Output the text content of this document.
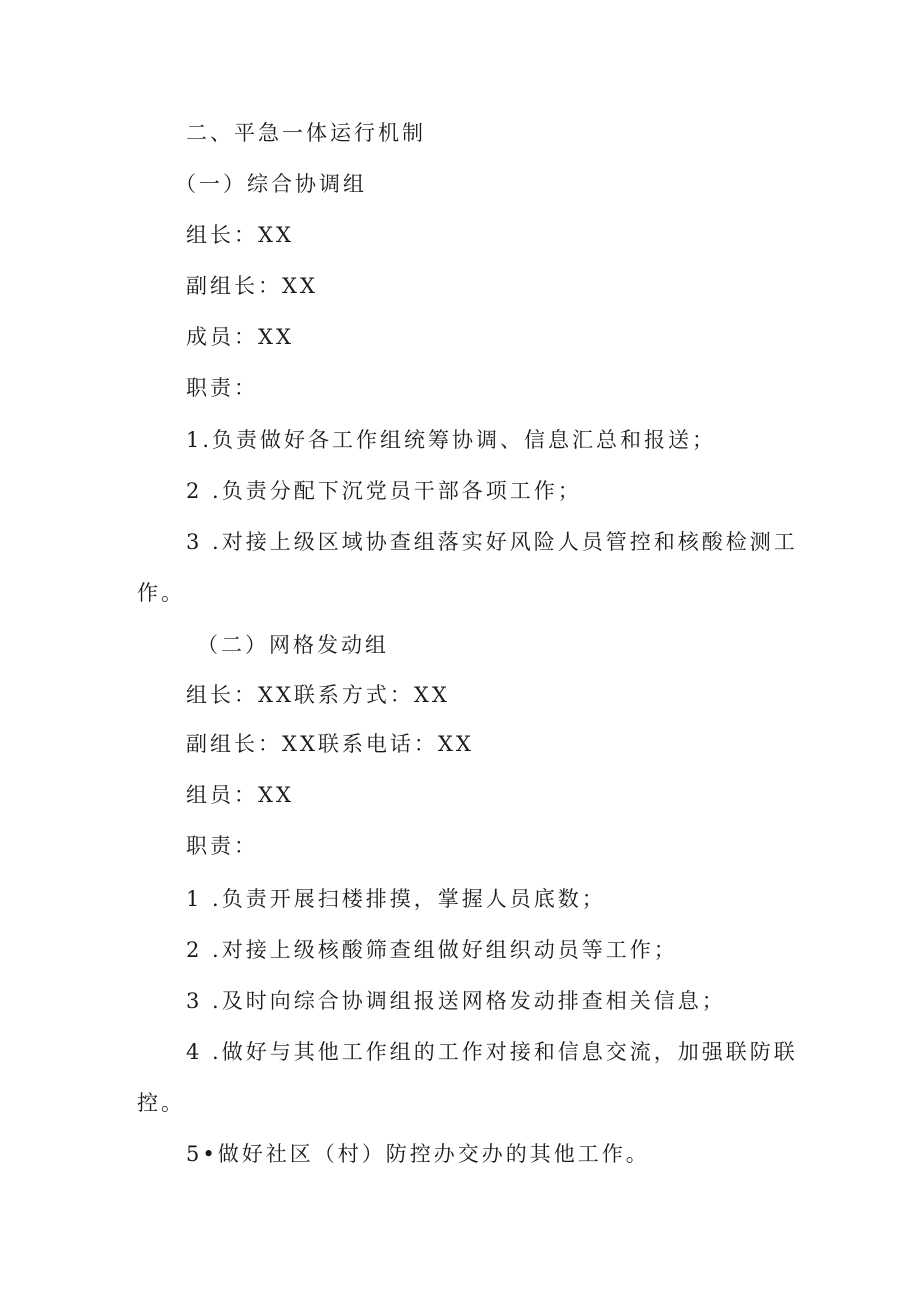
二、平急一体运行机制
（一）综合协调组
组长：XX
副组长：XX
成员：XX
职责：
1.负责做好各工作组统筹协调、信息汇总和报送；
2 .负责分配下沉党员干部各项工作；
3 .对接上级区域协查组落实好风险人员管控和核酸检测工
作。
（二）网格发动组
组长：XX联系方式：XX
副组长：XX联系电话：XX
组员：XX
职责：
1 .负责开展扫楼排摸，掌握人员底数；
2 .对接上级核酸筛查组做好组织动员等工作；
3 .及时向综合协调组报送网格发动排查相关信息；
4 .做好与其他工作组的工作对接和信息交流，加强联防联
控。
5•做好社区（村）防控办交办的其他工作。
